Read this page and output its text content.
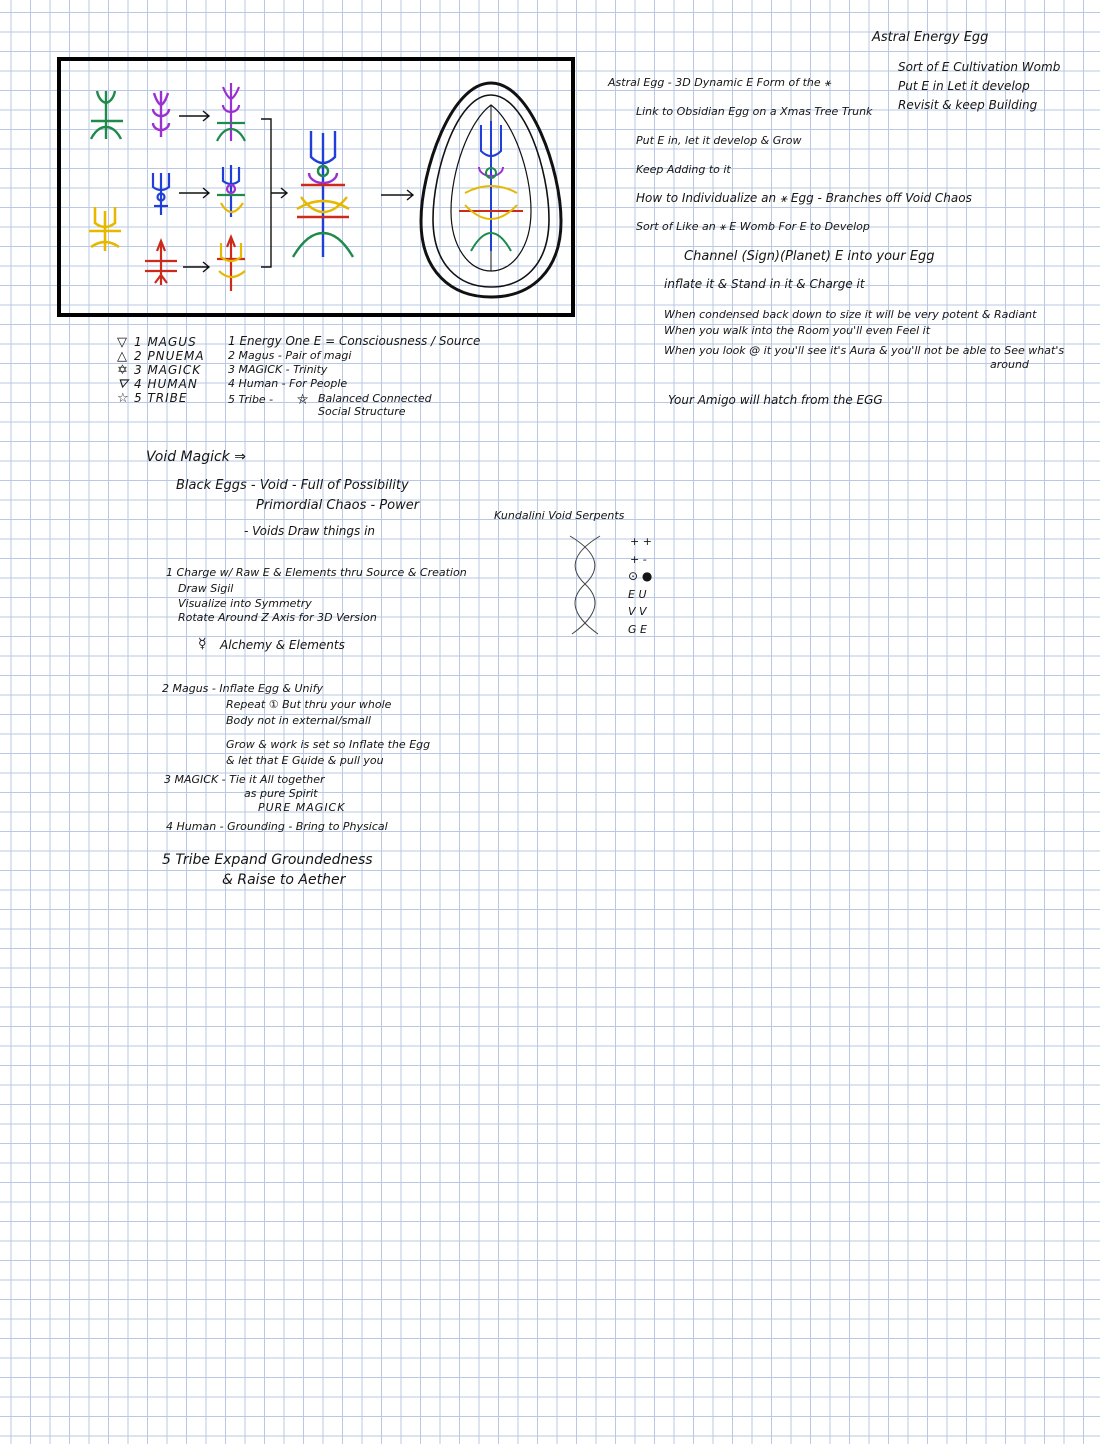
Astral Energy Egg
Sort of E Cultivation Womb
Put E in Let it develop
Revisit & keep Building
Astral Egg - 3D Dynamic E Form of the ⚹
Link to Obsidian Egg on a Xmas Tree Trunk
Put E in, let it develop & Grow
Keep Adding to it
How to Individualize an ⚹ Egg - Branches off Void Chaos
Sort of Like an ⚹ E Womb For E to Develop
Channel (Sign)(Planet) E into your Egg
inflate it & Stand in it & Charge it
When condensed back down to size it will be very potent & Radiant
When you walk into the Room you'll even Feel it
When you look @ it you'll see it's Aura & you'll not be able to See what's
around
Your Amigo will hatch from the EGG
▽
△
✡
⛛
☆
1 MAGUS
2 PNUEMA
3 MAGICK
4 HUMAN
5 TRIBE
1 Energy One E = Consciousness / Source
2 Magus - Pair of magi
3 MAGICK - Trinity
4 Human - For People
5 Tribe - ⛤ Balanced Connected
Social Structure
Void Magick ⇒
Black Eggs - Void - Full of Possibility
Primordial Chaos - Power
- Voids Draw things in
Kundalini Void Serpents
+ +
+ -
⊙ ●
E U
V V
G E
1 Charge w/ Raw E & Elements thru Source & Creation
Draw Sigil
Visualize into Symmetry
Rotate Around Z Axis for 3D Version
☿ Alchemy & Elements
2 Magus - Inflate Egg & Unify
Repeat ① But thru your whole
Body not in external/small
Grow & work is set so Inflate the Egg
& let that E Guide & pull you
3 MAGICK - Tie it All together
as pure Spirit
PURE MAGICK
4 Human - Grounding - Bring to Physical
5 Tribe Expand Groundedness
& Raise to Aether
